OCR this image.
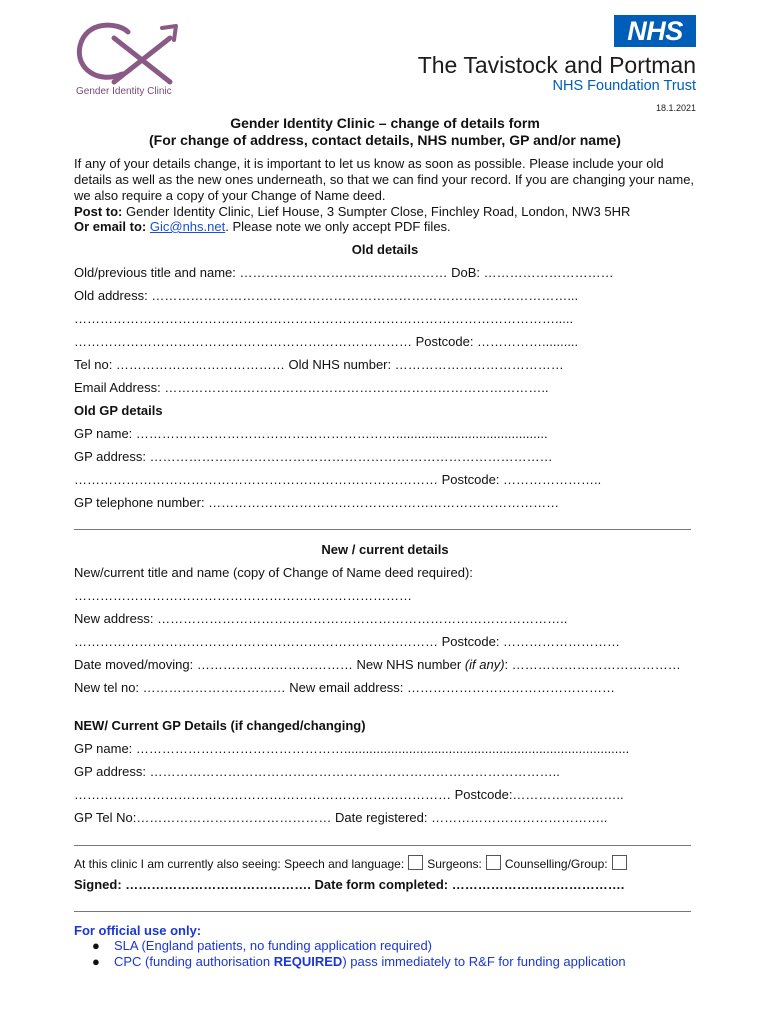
Gender Identity Clinic
NHS
The Tavistock and Portman
NHS Foundation Trust
18.1.2021
Gender Identity Clinic – change of details form
(For change of address, contact details, NHS number, GP and/or name)
If any of your details change, it is important to let us know as soon as possible. Please include your old details as well as the new ones underneath, so that we can find your record. If you are changing your name, we also require a copy of your Change of Name deed.
Post to: Gender Identity Clinic, Lief House, 3 Sumpter Close, Finchley Road, London, NW3 5HR
Or email to: Gic@nhs.net. Please note we only accept PDF files.
Old details
Old/previous title and name: ………………………………………… DoB: …………………………
Old address: ……………………………………………………………………………………...
………………………………………………………………………………………………….....
…………………………………………………………………… Postcode: ……………..........
Tel no: ………………………………… Old NHS number: …………………………………
Email Address: ……………………………………………………………………………..
Old GP details
GP name: ……………………………………………………..........................................
GP address: …………………………………………………………………………………
………………………………………………………………………… Postcode: …………………..
GP telephone number: ………………………………………………………………………
New / current details
New/current title and name (copy of Change of Name deed required):
……………………………………………………………………
New address: …………………………………………………………………………………..
………………………………………………………………………… Postcode: ………………………
Date moved/moving: ……………………………… New NHS number (if any): …………………………………
New tel no: …………………………… New email address: …………………………………………
NEW/ Current GP Details (if changed/changing)
GP name: …………………………………………...............................................................................
GP address: …………………………………………………………………………………..
…………………………………………………………………………… Postcode:……………………..
GP Tel No:……………………………………… Date registered: …………………………………..
At this clinic I am currently also seeing: Speech and language: Surgeons: Counselling/Group:
Signed: ……………………………………. Date form completed: ………………………………….
For official use only:
● SLA (England patients, no funding application required)
● CPC (funding authorisation REQUIRED) pass immediately to R&F for funding application
